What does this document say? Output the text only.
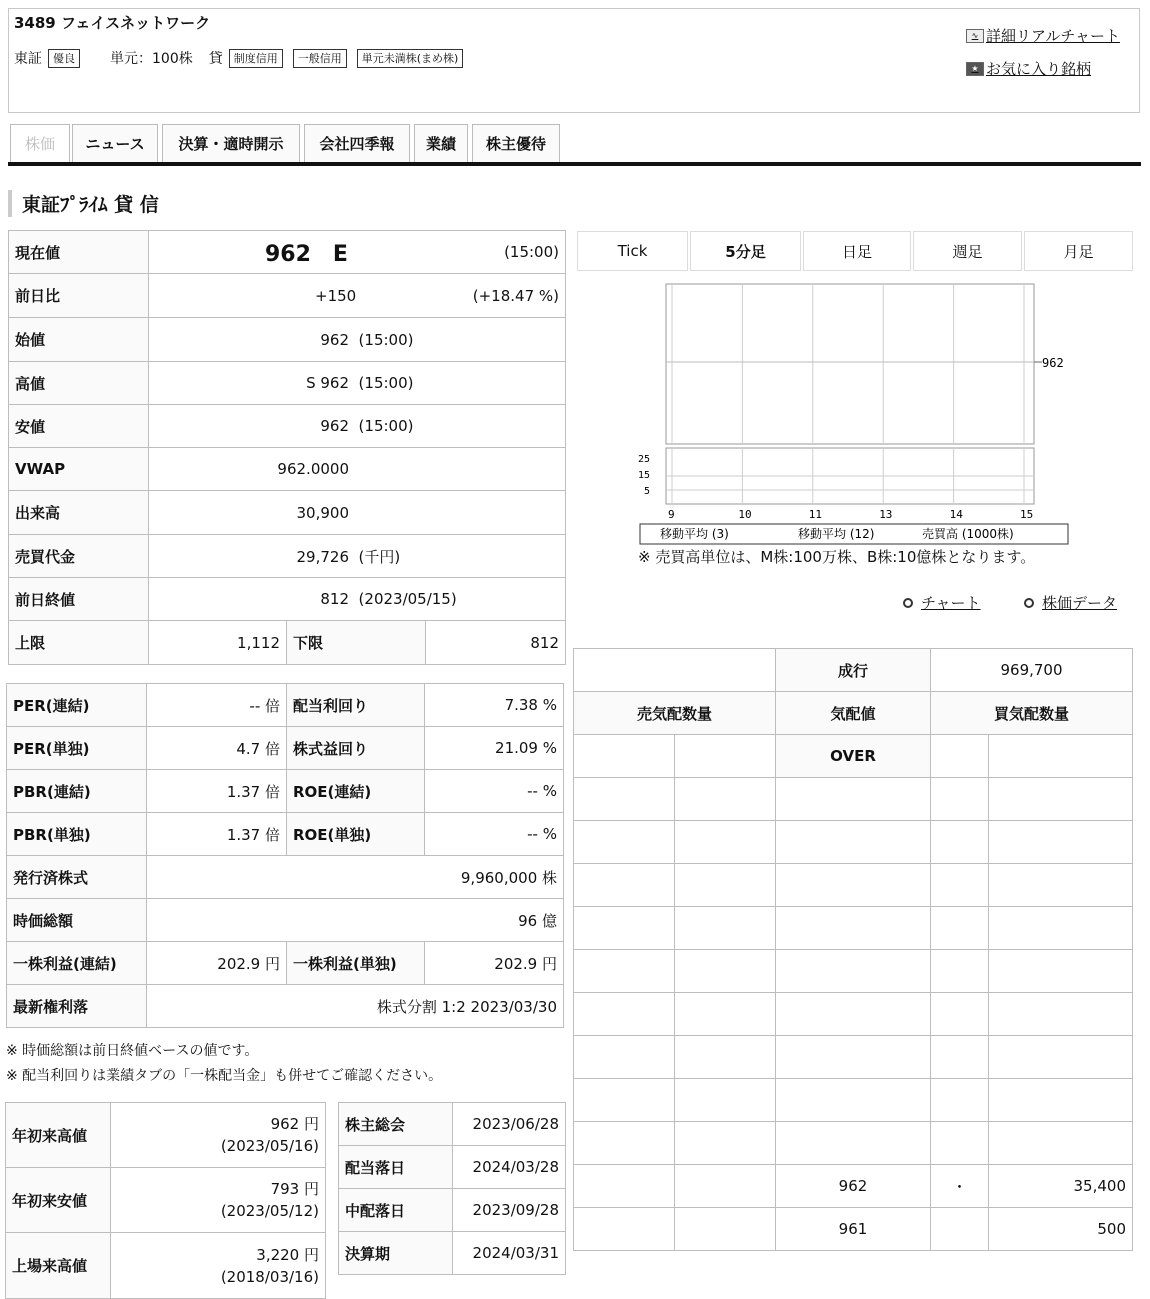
3489 フェイスネットワーク
東証	優良	単元：100株 貸	制度信用	一般信用	単元未満株(まめ株)
∿ 詳細リアルチャート
★ お気に入り銘柄
株価	ニュース	決算・適時開示	会社四季報	業績	株主優待
東証ﾌﾟﾗｲﾑ 貸 信
現在値	962　E (15:00)		

前日比	+150 (+18.47 %)		

始値	962 (15:00)		
高値	S 962 (15:00)		
安値	962 (15:00)		
VWAP	962.0000		
出来高	30,900		
売買代金	29,726 (千円)		
前日終値	812 (2023/05/15)		
上限	1,112	下限	812
PER(連結)	-- 倍	配当利回り	7.38 %
PER(単独)	4.7 倍	株式益回り	21.09 %
PBR(連結)	1.37 倍	ROE(連結)	-- %
PBR(単独)	1.37 倍	ROE(単独)	-- %
発行済株式	9,960,000 株		
時価総額	96 億		
一株利益(連結)	202.9 円	一株利益(単独)	202.9 円
最新権利落	株式分割 1:2 2023/03/30		
※ 時価総額は前日終値ベースの値です。
※ 配当利回りは業績タブの「一株配当金」も併せてご確認ください。
年初来高値	962 円
(2023/05/16)
年初来安値	793 円
(2023/05/12)
上場来高値	3,220 円
(2018/03/16)
株主総会	2023/06/28
配当落日	2024/03/28
中配落日	2023/09/28
決算期	2024/03/31
Tick	5分足	日足	週足	月足
962
25
15
5
9	10	11	13	14	15
移動平均 (3)	移動平均 (12)	売買高 (1000株)
※ 売買高単位は、M株:100万株、B株:10億株となります。
チャート	株価データ
		成行	969,700	
売気配数量		気配値	買気配数量	
		OVER		

		962	・	35,400
		961		500
